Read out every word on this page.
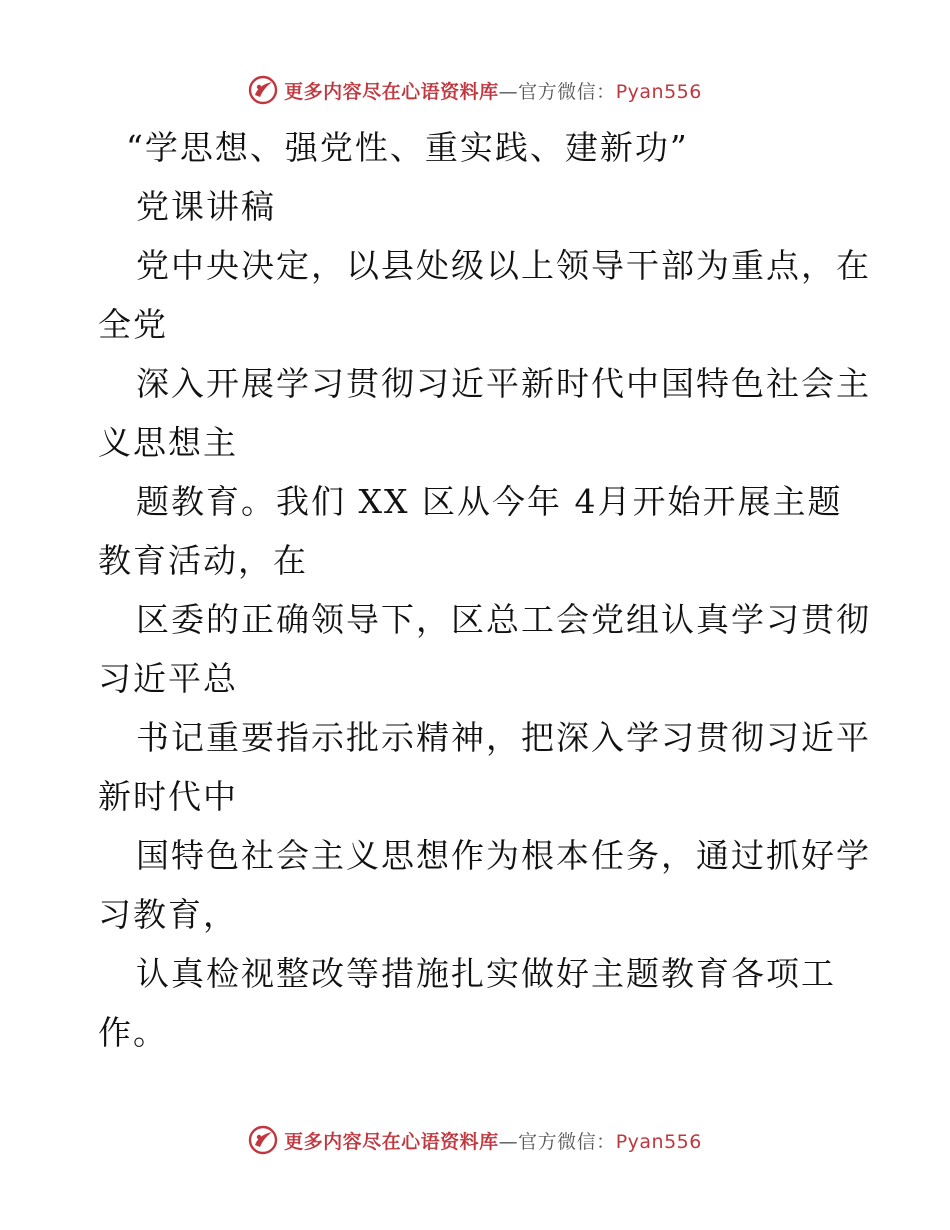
更多内容尽在心语资料库—官方微信：Pyan556
“学思想、强党性、重实践、建新功”
党课讲稿
党中央决定，以县处级以上领导干部为重点，在
全党
深入开展学习贯彻习近平新时代中国特色社会主
义思想主
题教育。我们 XX 区从今年 4月开始开展主题
教育活动，在
区委的正确领导下，区总工会党组认真学习贯彻
习近平总
书记重要指示批示精神，把深入学习贯彻习近平
新时代中
国特色社会主义思想作为根本任务，通过抓好学
习教育，
认真检视整改等措施扎实做好主题教育各项工
作。
更多内容尽在心语资料库—官方微信：Pyan556
